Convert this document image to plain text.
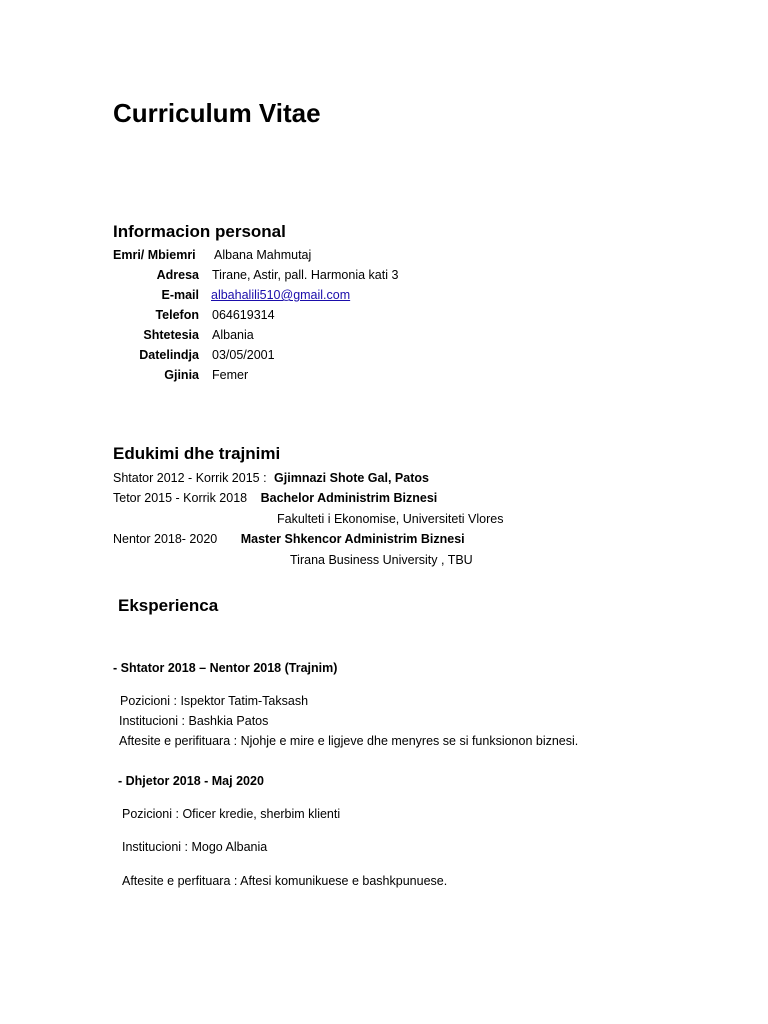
Curriculum Vitae
Informacion personal
Emri/ Mbiemri Albana Mahmutaj
Adresa Tirane, Astir, pall. Harmonia kati 3
E-mail albahalili510@gmail.com
Telefon 064619314
Shtetesia Albania
Datelindja 03/05/2001
Gjinia Femer
Edukimi dhe trajnimi
Shtator 2012 - Korrik 2015 : Gjimnazi Shote Gal, Patos
Tetor 2015 - Korrik 2018 Bachelor Administrim Biznesi
Fakulteti i Ekonomise, Universiteti Vlores
Nentor 2018- 2020 Master Shkencor Administrim Biznesi
Tirana Business University , TBU
Eksperienca
- Shtator 2018 – Nentor 2018 (Trajnim)
Pozicioni : Ispektor Tatim-Taksash
Institucioni : Bashkia Patos
Aftesite e perifituara : Njohje e mire e ligjeve dhe menyres se si funksionon biznesi.
- Dhjetor 2018 - Maj 2020
Pozicioni : Oficer kredie, sherbim klienti
Institucioni : Mogo Albania
Aftesite e perfituara : Aftesi komunikuese e bashkpunuese.
